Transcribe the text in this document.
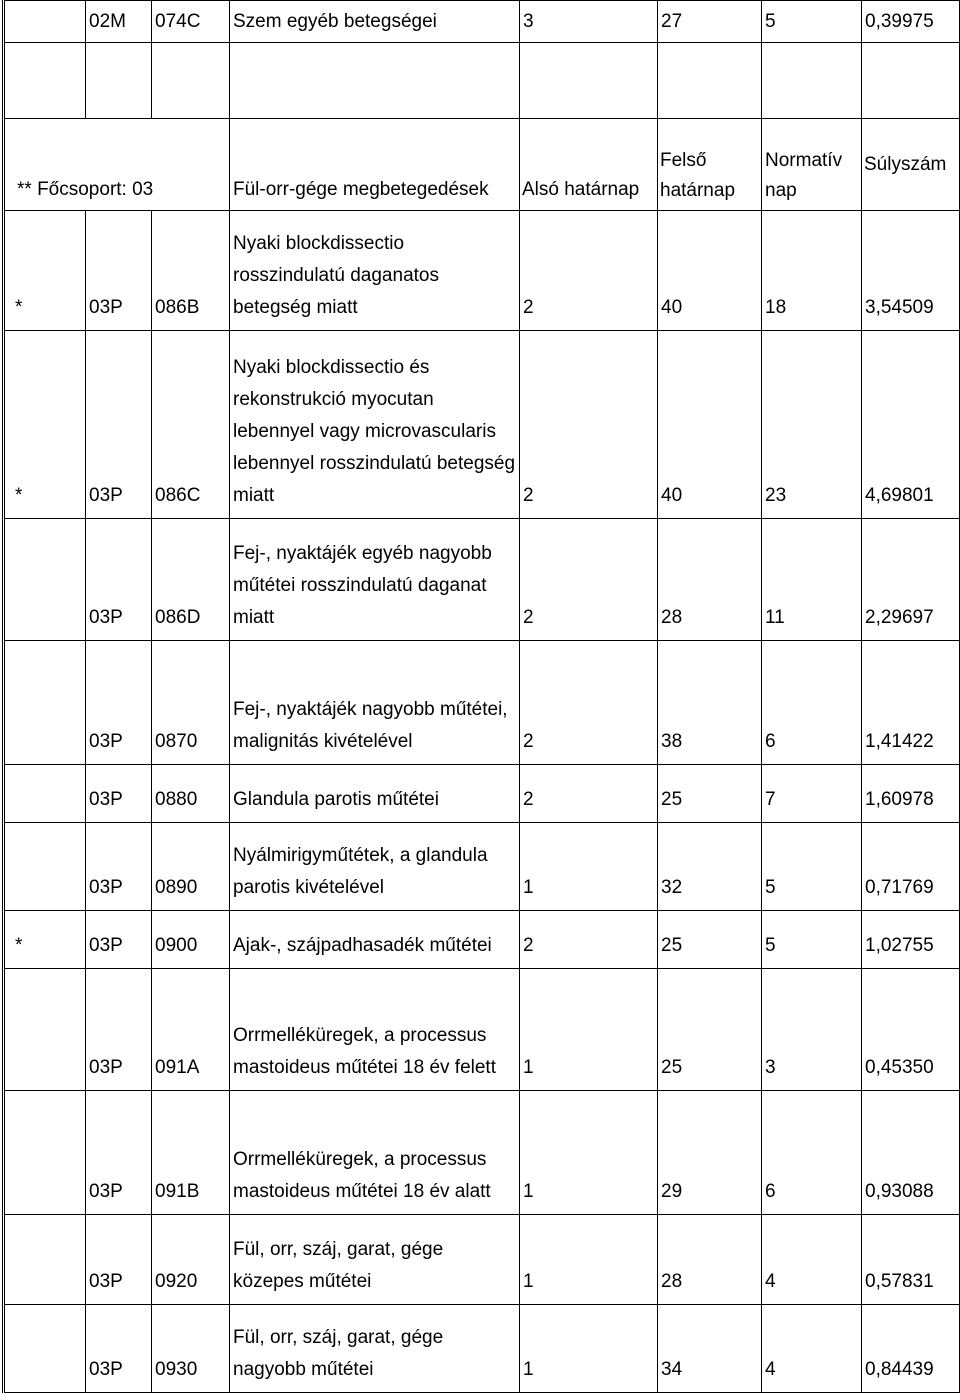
	02M	074C	Szem egyéb betegségei	3	27	5	0,39975

** Főcsoport: 03			Fül-orr-gége megbetegedések	Alsó határnap	Felső határnap	Normatív nap	Súlyszám
*	03P	086B	Nyaki blockdissectio rosszindulatú daganatos betegség miatt	2	40	18	3,54509
*	03P	086C	Nyaki blockdissectio és rekonstrukció myocutan lebennyel vagy microvascularis lebennyel rosszindulatú betegség miatt	2	40	23	4,69801
	03P	086D	Fej-, nyaktájék egyéb nagyobb műtétei rosszindulatú daganat miatt	2	28	11	2,29697
	03P	0870	Fej-, nyaktájék nagyobb műtétei, malignitás kivételével	2	38	6	1,41422
	03P	0880	Glandula parotis műtétei	2	25	7	1,60978
	03P	0890	Nyálmirigyműtétek, a glandula parotis kivételével	1	32	5	0,71769
*	03P	0900	Ajak-, szájpadhasadék műtétei	2	25	5	1,02755
	03P	091A	Orrmelléküregek, a processus mastoideus műtétei 18 év felett	1	25	3	0,45350
	03P	091B	Orrmelléküregek, a processus mastoideus műtétei 18 év alatt	1	29	6	0,93088
	03P	0920	Fül, orr, száj, garat, gége közepes műtétei	1	28	4	0,57831
	03P	0930	Fül, orr, száj, garat, gége nagyobb műtétei	1	34	4	0,84439
